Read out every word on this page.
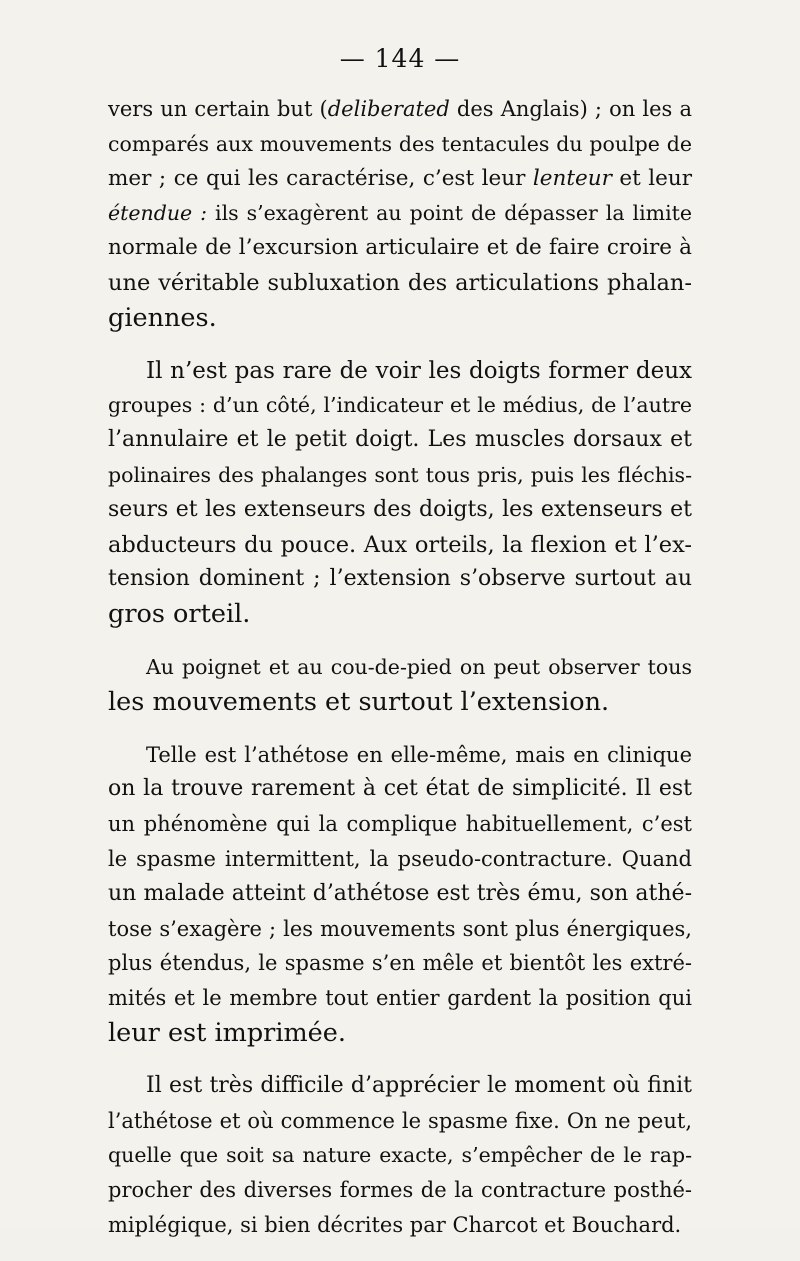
— 144 —

vers un certain but (deliberated des Anglais) ; on les a
comparés aux mouvements des tentacules du poulpe de
mer ; ce qui les caractérise, c’est leur lenteur et leur
étendue : ils s’exagèrent au point de dépasser la limite
normale de l’excursion articulaire et de faire croire à
une véritable subluxation des articulations phalan-
giennes.

Il n’est pas rare de voir les doigts former deux
groupes : d’un côté, l’indicateur et le médius, de l’autre
l’annulaire et le petit doigt. Les muscles dorsaux et
polinaires des phalanges sont tous pris, puis les fléchis-
seurs et les extenseurs des doigts, les extenseurs et
abducteurs du pouce. Aux orteils, la flexion et l’ex-
tension dominent ; l’extension s’observe surtout au
gros orteil.

Au poignet et au cou-de-pied on peut observer tous
les mouvements et surtout l’extension.

Telle est l’athétose en elle-même, mais en clinique
on la trouve rarement à cet état de simplicité. Il est
un phénomène qui la complique habituellement, c’est
le spasme intermittent, la pseudo-contracture. Quand
un malade atteint d’athétose est très ému, son athé-
tose s’exagère ; les mouvements sont plus énergiques,
plus étendus, le spasme s’en mêle et bientôt les extré-
mités et le membre tout entier gardent la position qui
leur est imprimée.

Il est très difficile d’apprécier le moment où finit
l’athétose et où commence le spasme fixe. On ne peut,
quelle que soit sa nature exacte, s’empêcher de le rap-
procher des diverses formes de la contracture posthé-
miplégique, si bien décrites par Charcot et Bouchard.
